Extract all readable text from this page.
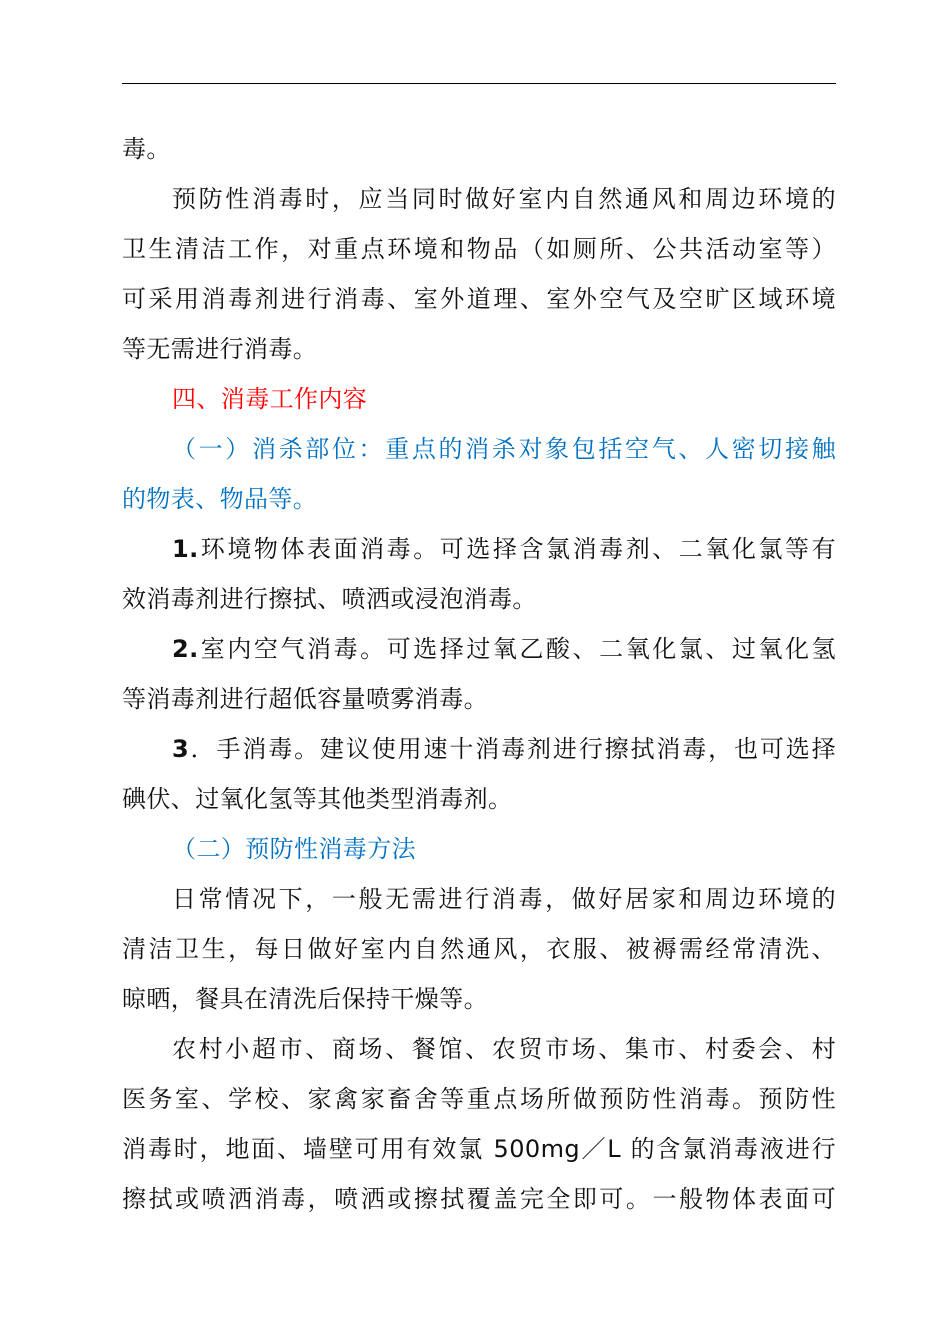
毒。
预防性消毒时，应当同时做好室内自然通风和周边环境的
卫生清洁工作，对重点环境和物品（如厕所、公共活动室等）
可采用消毒剂进行消毒、室外道理、室外空气及空旷区域环境
等无需进行消毒。
四、消毒工作内容
（一）消杀部位：重点的消杀对象包括空气、人密切接触
的物表、物品等。
1.环境物体表面消毒。可选择含氯消毒剂、二氧化氯等有
效消毒剂进行擦拭、喷洒或浸泡消毒。
2.室内空气消毒。可选择过氧乙酸、二氧化氯、过氧化氢
等消毒剂进行超低容量喷雾消毒。
3．手消毒。建议使用速十消毒剂进行擦拭消毒，也可选择
碘伏、过氧化氢等其他类型消毒剂。
（二）预防性消毒方法
日常情况下，一般无需进行消毒，做好居家和周边环境的
清洁卫生，每日做好室内自然通风，衣服、被褥需经常清洗、
晾晒，餐具在清洗后保持干燥等。
农村小超市、商场、餐馆、农贸市场、集市、村委会、村
医务室、学校、家禽家畜舍等重点场所做预防性消毒。预防性
消毒时，地面、墙壁可用有效氯 500mg／L 的含氯消毒液进行
擦拭或喷洒消毒，喷洒或擦拭覆盖完全即可。一般物体表面可
